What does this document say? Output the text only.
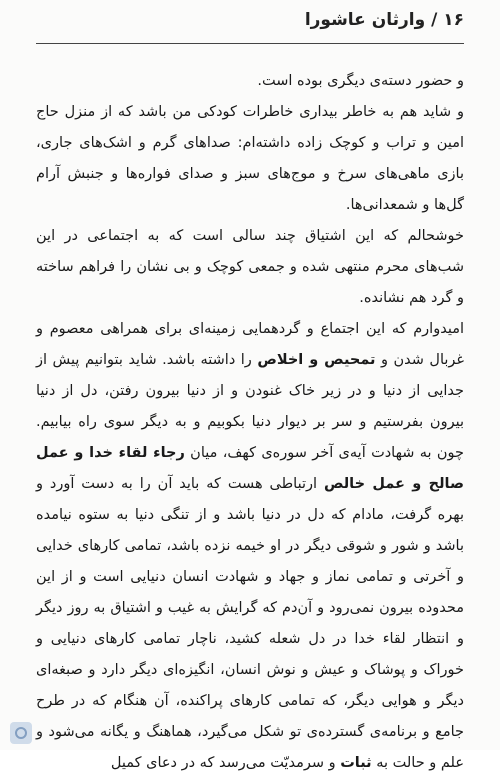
۱۶ / وارثان عاشورا

و حضور دسته‌ی دیگری بوده است.

و شاید هم به خاطر بیداری خاطرات کودکی من باشد که از منزل حاج امین و تراب و کوچک زاده داشته‌ام: صداهای گرم و اشک‌های جاری، بازی ماهی‌های سرخ و موج‌های سبز و صدای فواره‌ها و جنبش آرام گل‌ها و شمعدانی‌ها.

خوشحالم که این اشتیاق چند سالی است که به اجتماعی در این شب‌های محرم منتهی شده و جمعی کوچک و بی نشان را فراهم ساخته و گرد هم نشانده.

امیدوارم که این اجتماع و گردهمایی زمینه‌ای برای همراهی معصوم و غربال شدن و تمحیص و اخلاص را داشته باشد. شاید بتوانیم پیش از جدایی از دنیا و در زیر خاک غنودن و از دنیا بیرون رفتن، دل از دنیا بیرون بفرستیم و سر بر دیوار دنیا بکوبیم و به دیگر سوی راه بیابیم. چون به شهادت آیه‌ی آخر سوره‌ی کهف، میان رجاء لقاء خدا و عمل صالح و عمل خالص ارتباطی هست که باید آن را به دست آورد و بهره گرفت، مادام که دل در دنیا باشد و از تنگی دنیا به ستوه نیامده باشد و شور و شوقی دیگر در او خیمه نزده باشد، تمامی کارهای خدایی و آخرتی و تمامی نماز و جهاد و شهادت انسان دنیایی است و از این محدوده بیرون نمی‌رود و آن‌دم که گرایش به غیب و اشتیاق به روز دیگر و انتظار لقاء خدا در دل شعله کشید، ناچار تمامی کارهای دنیایی و خوراک و پوشاک و عیش و نوش انسان، انگیزه‌ای دیگر دارد و صبغه‌ای دیگر و هوایی دیگر، که تمامی کارهای پراکنده، آن هنگام که در طرح جامع و برنامه‌ی گسترده‌ی تو شکل می‌گیرد، هماهنگ و یگانه می‌شود و علم و حالت به ثبات و سرمدیّت می‌رسد که در دعای کمیل
